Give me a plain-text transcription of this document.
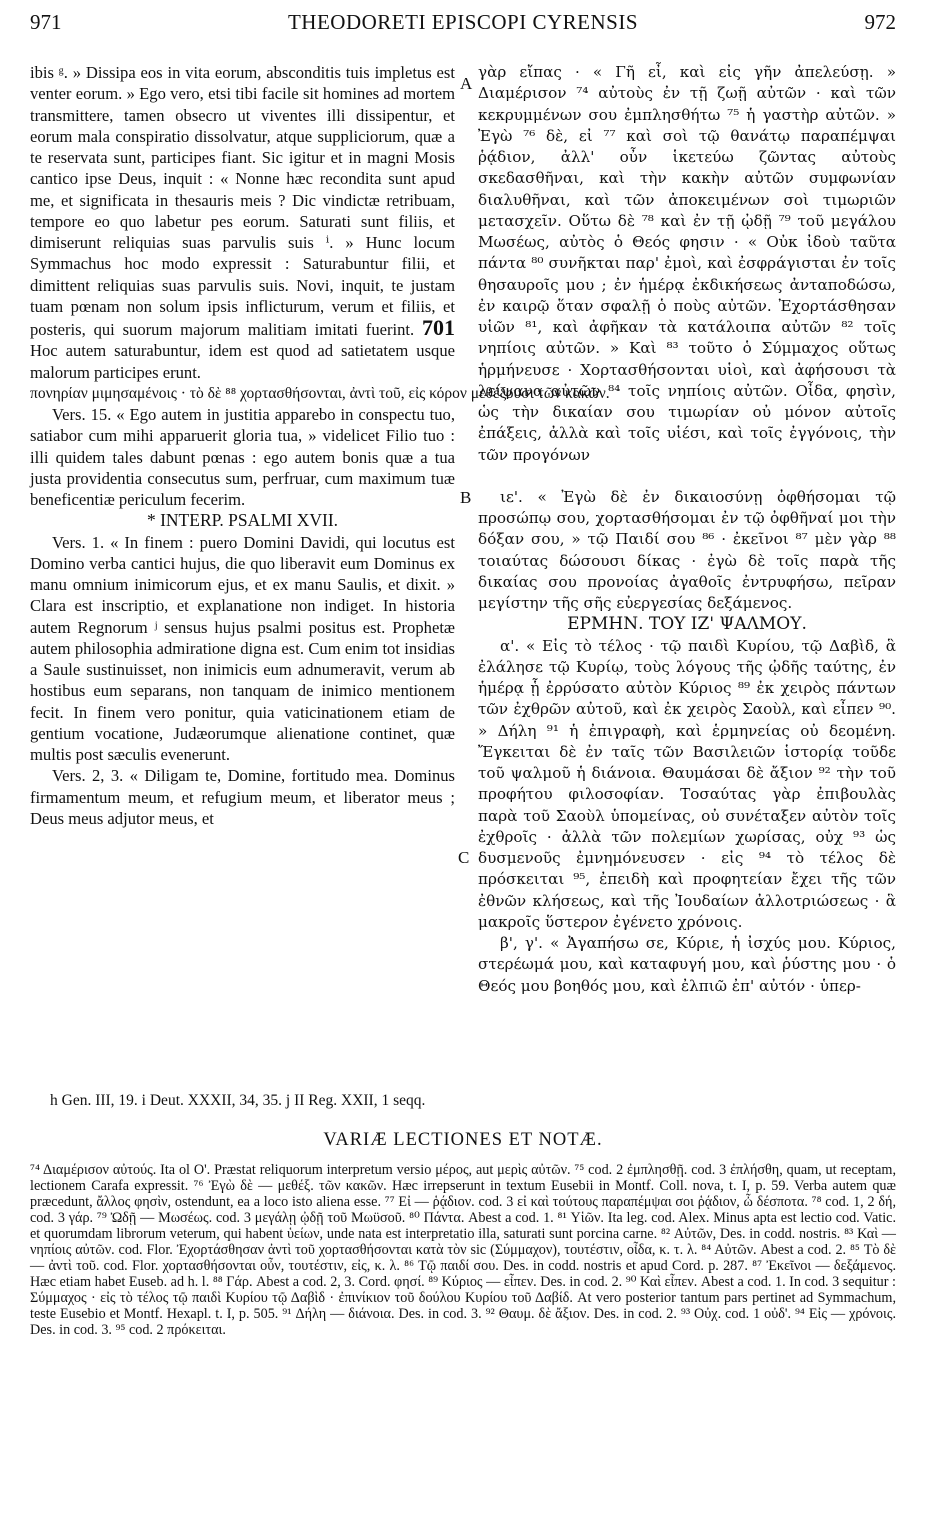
971	THEODORETI EPISCOPI CYRENSIS	972

ibis ᵍ. » Dissipa eos in vita eorum, absconditis tuis impletus est venter eorum. » Ego vero, etsi tibi facile sit homines ad mortem transmittere, tamen obsecro ut viventes illi dissipentur, et eorum mala conspiratio dissolvatur, atque suppliciorum, quæ a te reservata sunt, participes fiant. Sic igitur et in magni Mosis cantico ipse Deus, inquit : « Nonne hæc recondita sunt apud me, et significata in thesauris meis ? Dic vindictæ retribuam, tempore eo quo labetur pes eorum. Saturati sunt filiis, et dimiserunt reliquias suas parvulis suis ⁱ. » Hunc locum Symmachus hoc modo expressit : Saturabuntur filii, et dimittent reliquias suas parvulis suis. Novi, inquit, te justam tuam pœnam non solum ipsis inflicturum, verum et filiis, et posteris, qui suorum majorum malitiam imitati fuerint. 701 Hoc autem saturabuntur, idem est quod ad satietatem usque malorum participes erunt.

πονηρίαν μιμησαμένοις · τὸ δὲ ⁸⁸ χορτασθήσονται, ἀντὶ τοῦ, εἰς κόρον μεθέξουσι τῶν κακῶν.

Vers. 15. « Ego autem in justitia apparebo in conspectu tuo, satiabor cum mihi apparuerit gloria tua, » videlicet Filio tuo : illi quidem tales dabunt pœnas : ego autem bonis quæ a tua justa providentia consecutus sum, perfruar, cum maximum tuæ beneficentiæ periculum fecerim.

* INTERP. PSALMI XVII.

Vers. 1. « In finem : puero Domini Davidi, qui locutus est Domino verba cantici hujus, die quo liberavit eum Dominus ex manu omnium inimicorum ejus, et ex manu Saulis, et dixit. » Clara est inscriptio, et explanatione non indiget. In historia autem Regnorum ʲ sensus hujus psalmi positus est. Prophetæ autem philosophia admiratione digna est. Cum enim tot insidias a Saule sustinuisset, non inimicis eum adnumeravit, verum ab hostibus eum separans, non tanquam de inimico mentionem fecit. In finem vero ponitur, quia vaticinationem etiam de gentium vocatione, Judæorumque alienatione continet, quæ multis post sæculis evenerunt.

Vers. 2, 3. « Diligam te, Domine, fortitudo mea. Dominus firmamentum meum, et refugium meum, et liberator meus ; Deus meus adjutor meus, et

A
B
C

γὰρ εἴπας · « Γῆ εἶ, καὶ εἰς γῆν ἀπελεύσῃ. » Διαμέρισον ⁷⁴ αὐτοὺς ἐν τῇ ζωῇ αὐτῶν · καὶ τῶν κεκρυμμένων σου ἐμπλησθήτω ⁷⁵ ἡ γαστὴρ αὐτῶν. » Ἐγὼ ⁷⁶ δὲ, εἰ ⁷⁷ καὶ σοὶ τῷ θανάτῳ παραπέμψαι ῥᾴδιον, ἀλλ' οὖν ἱκετεύω ζῶντας αὐτοὺς σκεδασθῆναι, καὶ τὴν κακὴν αὐτῶν συμφωνίαν διαλυθῆναι, καὶ τῶν ἀποκειμένων σοὶ τιμωριῶν μετασχεῖν. Οὕτω δὲ ⁷⁸ καὶ ἐν τῇ ᾠδῇ ⁷⁹ τοῦ μεγάλου Μωσέως, αὐτὸς ὁ Θεός φησιν · « Οὐκ ἰδοὺ ταῦτα πάντα ⁸⁰ συνῆκται παρ' ἐμοὶ, καὶ ἐσφράγισται ἐν τοῖς θησαυροῖς μου ; ἐν ἡμέρᾳ ἐκδικήσεως ἀνταποδώσω, ἐν καιρῷ ὅταν σφαλῇ ὁ ποὺς αὐτῶν. Ἐχορτάσθησαν υἱῶν ⁸¹, καὶ ἀφῆκαν τὰ κατάλοιπα αὐτῶν ⁸² τοῖς νηπίοις αὐτῶν. » Καὶ ⁸³ τοῦτο ὁ Σύμμαχος οὕτως ἡρμήνευσε · Χορτασθήσονται υἱοὶ, καὶ ἀφήσουσι τὰ λείψανα αὐτῶν ⁸⁴ τοῖς νηπίοις αὐτῶν. Οἶδα, φησὶν, ὡς τὴν δικαίαν σου τιμωρίαν οὐ μόνον αὐτοῖς ἐπάξεις, ἀλλὰ καὶ τοῖς υἱέσι, καὶ τοῖς ἐγγόνοις, τὴν τῶν προγόνων

ιε'. « Ἐγὼ δὲ ἐν δικαιοσύνῃ ὀφθήσομαι τῷ προσώπῳ σου, χορτασθήσομαι ἐν τῷ ὀφθῆναί μοι τὴν δόξαν σου, » τῷ Παιδί σου ⁸⁶ · ἐκεῖνοι ⁸⁷ μὲν γὰρ ⁸⁸ τοιαύτας δώσουσι δίκας · ἐγὼ δὲ τοῖς παρὰ τῆς δικαίας σου προνοίας ἀγαθοῖς ἐντρυφήσω, πεῖραν μεγίστην τῆς σῆς εὐεργεσίας δεξάμενος.

ΕΡΜΗΝ. ΤΟΥ ΙΖ' ΨΑΛΜΟΥ.

α'. « Εἰς τὸ τέλος · τῷ παιδὶ Κυρίου, τῷ Δαβὶδ, ἃ ἐλάλησε τῷ Κυρίῳ, τοὺς λόγους τῆς ᾠδῆς ταύτης, ἐν ἡμέρᾳ ᾗ ἐρρύσατο αὐτὸν Κύριος ⁸⁹ ἐκ χειρὸς πάντων τῶν ἐχθρῶν αὐτοῦ, καὶ ἐκ χειρὸς Σαοὺλ, καὶ εἶπεν ⁹⁰. » Δήλη ⁹¹ ἡ ἐπιγραφὴ, καὶ ἑρμηνείας οὐ δεομένη. Ἔγκειται δὲ ἐν ταῖς τῶν Βασιλειῶν ἱστορίᾳ τοῦδε τοῦ ψαλμοῦ ἡ διάνοια. Θαυμάσαι δὲ ἄξιον ⁹² τὴν τοῦ προφήτου φιλοσοφίαν. Τοσαύτας γὰρ ἐπιβουλὰς παρὰ τοῦ Σαοὺλ ὑπομείνας, οὐ συνέταξεν αὐτὸν τοῖς ἐχθροῖς · ἀλλὰ τῶν πολεμίων χωρίσας, οὐχ ⁹³ ὡς δυσμενοῦς ἐμνημόνευσεν · εἰς ⁹⁴ τὸ τέλος δὲ πρόσκειται ⁹⁵, ἐπειδὴ καὶ προφητείαν ἔχει τῆς τῶν ἐθνῶν κλήσεως, καὶ τῆς Ἰουδαίων ἀλλοτριώσεως · ἃ μακροῖς ὕστερον ἐγένετο χρόνοις.

β', γ'. « Ἀγαπήσω σε, Κύριε, ἡ ἰσχύς μου. Κύριος, στερέωμά μου, καὶ καταφυγή μου, καὶ ῥύστης μου · ὁ Θεός μου βοηθός μου, καὶ ἐλπιῶ ἐπ' αὐτόν · ὑπερ-

h Gen. III, 19. i Deut. XXXII, 34, 35. j II Reg. XXII, 1 seqq.

VARIÆ LECTIONES ET NOTÆ.

⁷⁴ Διαμέρισον αὐτούς. Ita ol O'. Præstat reliquorum interpretum versio μέρος, aut μερὶς αὐτῶν. ⁷⁵ cod. 2 ἐμπλησθῇ. cod. 3 ἐπλήσθη, quam, ut receptam, lectionem Carafa expressit. ⁷⁶ Ἐγὼ δὲ — μεθέξ. τῶν κακῶν. Hæc irrepserunt in textum Eusebii in Montf. Coll. nova, t. I, p. 59. Verba autem quæ præcedunt, ἄλλος φησὶν, ostendunt, ea a loco isto aliena esse. ⁷⁷ Εἰ — ῥᾴδιον. cod. 3 εἰ καὶ τούτους παραπέμψαι σοι ῥᾴδιον, ὦ δέσποτα. ⁷⁸ cod. 1, 2 δή, cod. 3 γάρ. ⁷⁹ Ὠδῇ — Μωσέως. cod. 3 μεγάλῃ ᾠδῇ τοῦ Μωϋσοῦ. ⁸⁰ Πάντα. Abest a cod. 1. ⁸¹ Υἱῶν. Ita leg. cod. Alex. Minus apta est lectio cod. Vatic. et quorumdam librorum veterum, qui habent ὑείων, unde nata est interpretatio illa, saturati sunt porcina carne. ⁸² Αὐτῶν, Des. in codd. nostris. ⁸³ Καὶ — νηπίοις αὐτῶν. cod. Flor. Ἐχορτάσθησαν ἀντὶ τοῦ χορτασθήσονται κατὰ τὸν sic (Σύμμαχον), τουτέστιν, οἶδα, κ. τ. λ. ⁸⁴ Αὐτῶν. Abest a cod. 2. ⁸⁵ Τὸ δὲ — ἀντὶ τοῦ. cod. Flor. χορτασθήσονται οὖν, τουτέστιν, εἰς, κ. λ. ⁸⁶ Τῷ παιδί σου. Des. in codd. nostris et apud Cord. p. 287. ⁸⁷ Ἐκεῖνοι — δεξάμενος. Hæc etiam habet Euseb. ad h. l. ⁸⁸ Γάρ. Abest a cod. 2, 3. Cord. φησί. ⁸⁹ Κύριος — εἶπεν. Des. in cod. 2. ⁹⁰ Καὶ εἶπεν. Abest a cod. 1. In cod. 3 sequitur : Σύμμαχος · εἰς τὸ τέλος τῷ παιδὶ Κυρίου τῷ Δαβὶδ · ἐπινίκιον τοῦ δούλου Κυρίου τοῦ Δαβίδ. At vero posterior tantum pars pertinet ad Symmachum, teste Eusebio et Montf. Hexapl. t. I, p. 505. ⁹¹ Δήλη — διάνοια. Des. in cod. 3. ⁹² Θαυμ. δὲ ἄξιον. Des. in cod. 2. ⁹³ Οὐχ. cod. 1 οὐδ'. ⁹⁴ Εἰς — χρόνοις. Des. in cod. 3. ⁹⁵ cod. 2 πρόκειται.
